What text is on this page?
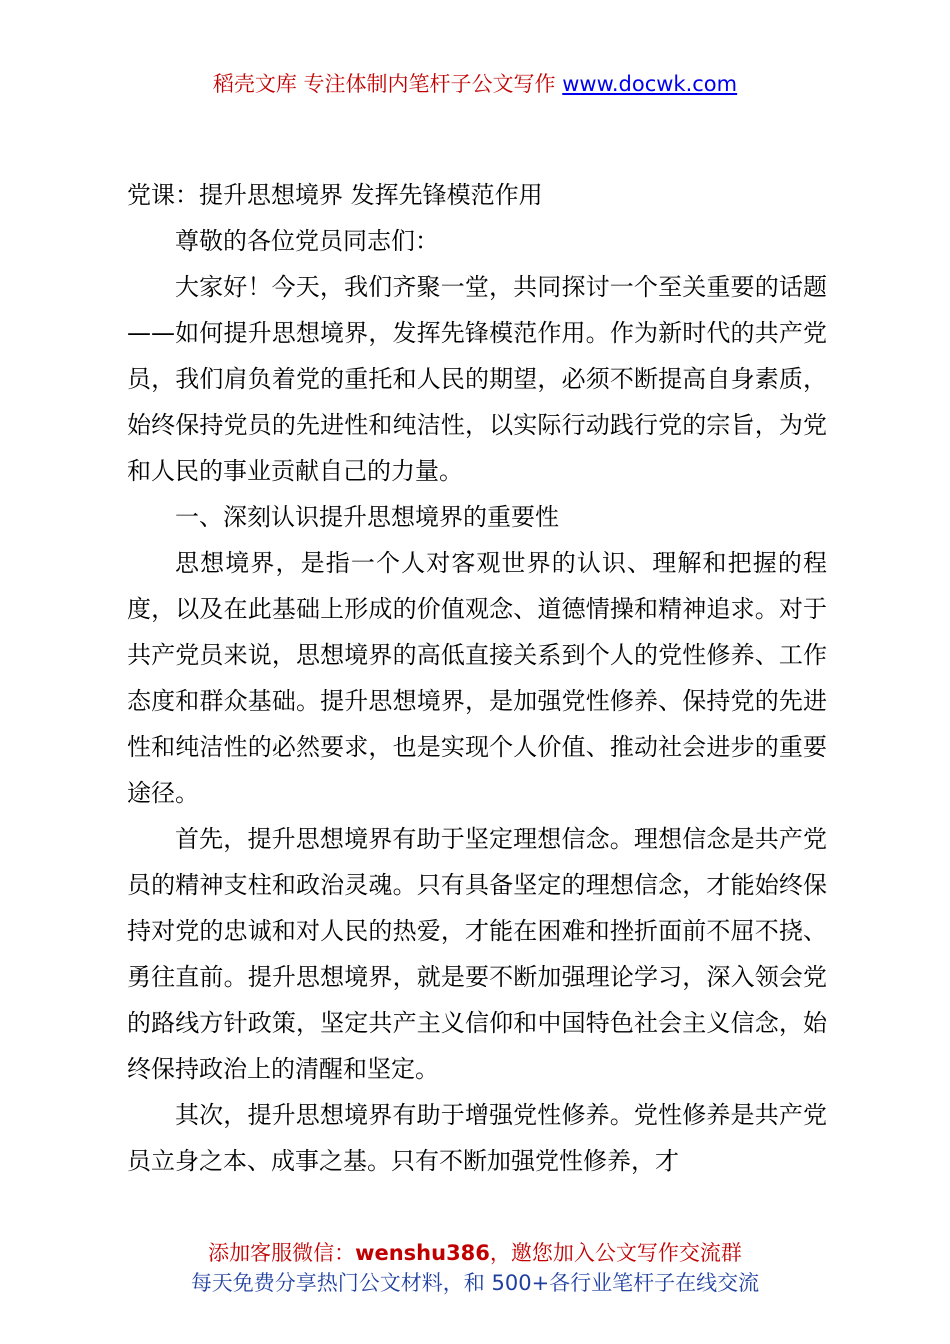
稻壳文库 专注体制内笔杆子公文写作 www.docwk.com

党课：提升思想境界 发挥先锋模范作用

尊敬的各位党员同志们：

大家好！今天，我们齐聚一堂，共同探讨一个至关重要的话题——如何提升思想境界，发挥先锋模范作用。作为新时代的共产党员，我们肩负着党的重托和人民的期望，必须不断提高自身素质，始终保持党员的先进性和纯洁性，以实际行动践行党的宗旨，为党和人民的事业贡献自己的力量。

一、深刻认识提升思想境界的重要性

思想境界，是指一个人对客观世界的认识、理解和把握的程度，以及在此基础上形成的价值观念、道德情操和精神追求。对于共产党员来说，思想境界的高低直接关系到个人的党性修养、工作态度和群众基础。提升思想境界，是加强党性修养、保持党的先进性和纯洁性的必然要求，也是实现个人价值、推动社会进步的重要途径。

首先，提升思想境界有助于坚定理想信念。理想信念是共产党员的精神支柱和政治灵魂。只有具备坚定的理想信念，才能始终保持对党的忠诚和对人民的热爱，才能在困难和挫折面前不屈不挠、勇往直前。提升思想境界，就是要不断加强理论学习，深入领会党的路线方针政策，坚定共产主义信仰和中国特色社会主义信念，始终保持政治上的清醒和坚定。

其次，提升思想境界有助于增强党性修养。党性修养是共产党员立身之本、成事之基。只有不断加强党性修养，才

添加客服微信：wenshu386，邀您加入公文写作交流群
每天免费分享热门公文材料，和 500+各行业笔杆子在线交流
